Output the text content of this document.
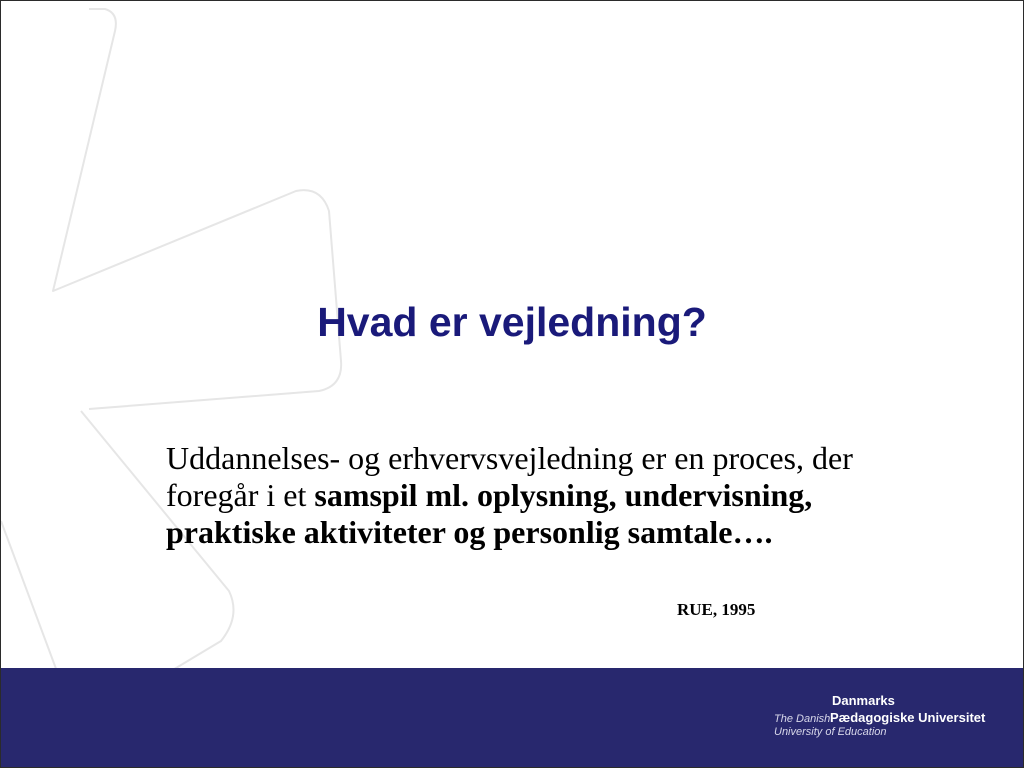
Hvad er vejledning?

Uddannelses- og erhvervsvejledning er en proces, der foregår i et samspil ml. oplysning, undervisning, praktiske aktiviteter og personlig samtale….

RUE, 1995
Danmarks
The DanishPædagogiske Universitet
University of Education
